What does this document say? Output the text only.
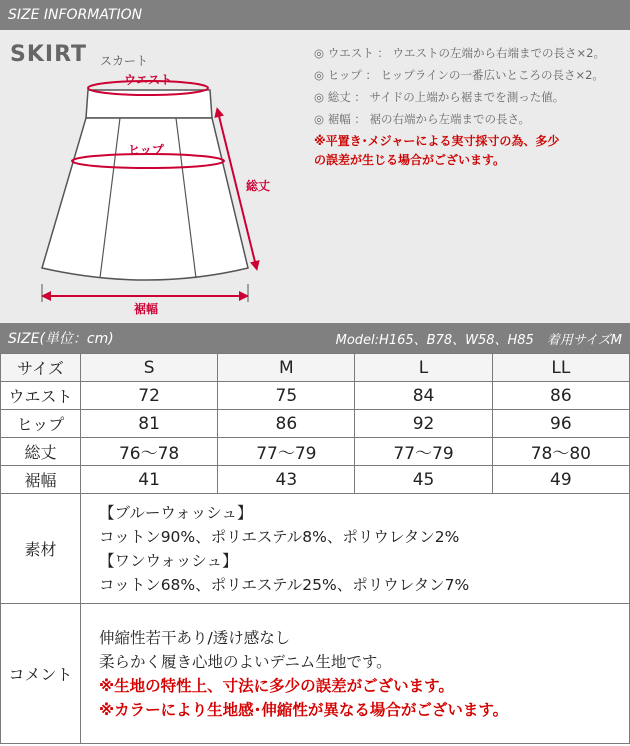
SIZE INFORMATION
ウエスト
ヒップ
総丈
裾幅
SKIRT スカート
◎ ウエスト ： ウエストの左端から右端までの長さ×2。
◎ ヒップ ： ヒップラインの一番広いところの長さ×2。
◎ 総丈 ： サイドの上端から裾までを測った値。
◎ 裾幅 ： 裾の右端から左端までの長さ。
※平置き･メジャーによる実寸採寸の為、多少
の誤差が生じる場合がございます。
SIZE(単位：cm)	Model:H165、B78、W58、H85　着用サイズM
サイズ	S	M	L	LL
ウエスト	72	75	84	86
ヒップ	81	86	92	96
総丈	76〜78	77〜79	77〜79	78〜80
裾幅	41	43	45	49
素材	【ブルーウォッシュ】
コットン90%、ポリエステル8%、ポリウレタン2%
【ワンウォッシュ】
コットン68%、ポリエステル25%、ポリウレタン7%			

コメント	伸縮性若干あり/透け感なし
柔らかく履き心地のよいデニム生地です。
※生地の特性上、寸法に多少の誤差がございます。
※カラーにより生地感･伸縮性が異なる場合がございます。			
